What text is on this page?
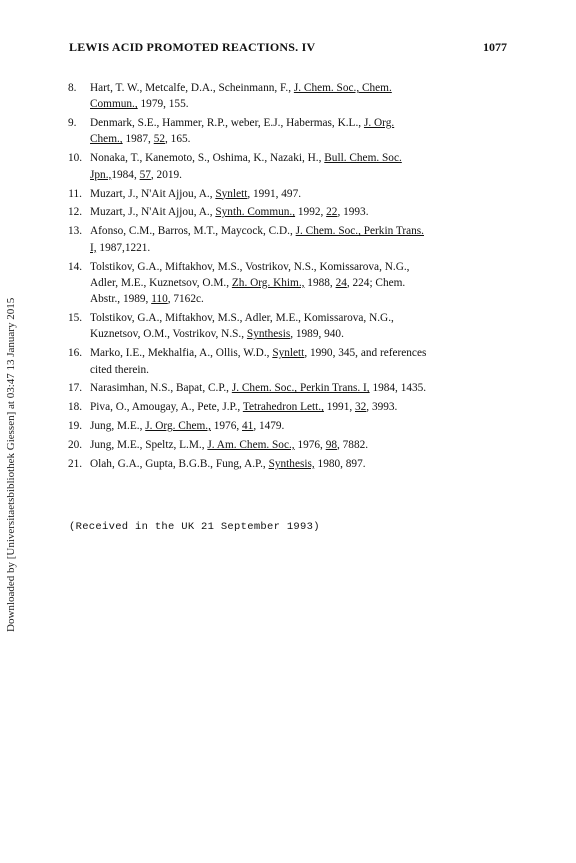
LEWIS ACID PROMOTED REACTIONS. IV	1077
8.	Hart, T. W., Metcalfe, D.A., Scheinmann, F., J. Chem. Soc., Chem.
Commun., 1979, 155.
9.	Denmark, S.E., Hammer, R.P., weber, E.J., Habermas, K.L., J. Org.
Chem., 1987, 52, 165.
10. Nonaka, T., Kanemoto, S., Oshima, K., Nazaki, H., Bull. Chem. Soc.
Jpn.,1984, 57, 2019.
11. Muzart, J., N'Ait Ajjou, A., Synlett, 1991, 497.
12. Muzart, J., N'Ait Ajjou, A., Synth. Commun., 1992, 22, 1993.
13. Afonso, C.M., Barros, M.T., Maycock, C.D., J. Chem. Soc., Perkin Trans.
I, 1987,1221.
14. Tolstikov, G.A., Miftakhov, M.S., Vostrikov, N.S., Komissarova, N.G.,
Adler, M.E., Kuznetsov, O.M., Zh. Org. Khim., 1988, 24, 224; Chem.
Abstr., 1989, 110, 7162c.
15. Tolstikov, G.A., Miftakhov, M.S., Adler, M.E., Komissarova, N.G.,
Kuznetsov, O.M., Vostrikov, N.S., Synthesis, 1989, 940.
16. Marko, I.E., Mekhalfia, A., Ollis, W.D., Synlett, 1990, 345, and references
cited therein.
17. Narasimhan, N.S., Bapat, C.P., J. Chem. Soc., Perkin Trans. I, 1984, 1435.
18. Piva, O., Amougay, A., Pete, J.P., Tetrahedron Lett., 1991, 32, 3993.
19. Jung, M.E., J. Org. Chem., 1976, 41, 1479.
20. Jung, M.E., Speltz, L.M., J. Am. Chem. Soc., 1976, 98, 7882.
21. Olah, G.A., Gupta, B.G.B., Fung, A.P., Synthesis, 1980, 897.
(Received in the UK 21 September 1993)
Downloaded by [Universitaetsbibliothek Giessen] at 03:47 13 January 2015
